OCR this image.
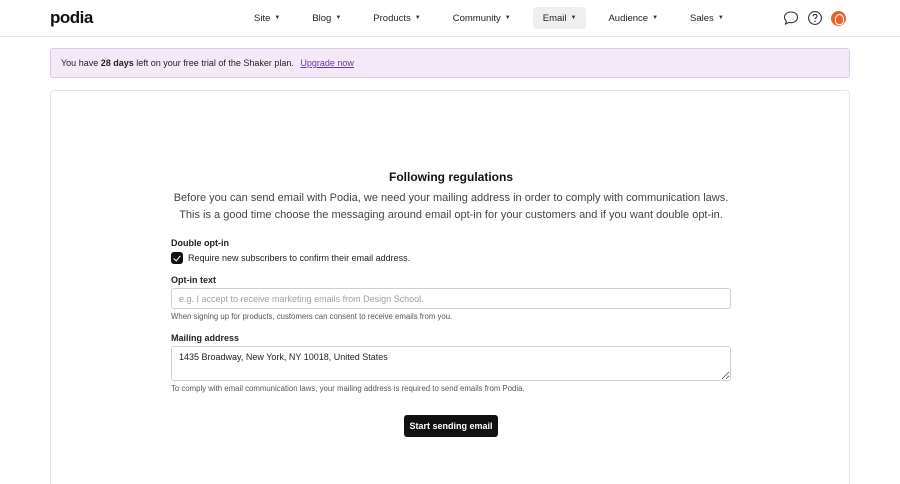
podia	Site ▼	Blog ▼	Products ▼	Community ▼	Email ▼	Audience ▼	Sales ▼
You have 28 days left on your free trial of the Shaker plan. Upgrade now
Following regulations
Before you can send email with Podia, we need your mailing address in order to comply with communication laws. This is a good time choose the messaging around email opt-in for your customers and if you want double opt-in.
Double opt-in
Require new subscribers to confirm their email address.
Opt-in text
e.g. I accept to receive marketing emails from Design School.
When signing up for products, customers can consent to receive emails from you.
Mailing address
1435 Broadway, New York, NY 10018, United States
To comply with email communication laws, your mailing address is required to send emails from Podia.
Start sending email
